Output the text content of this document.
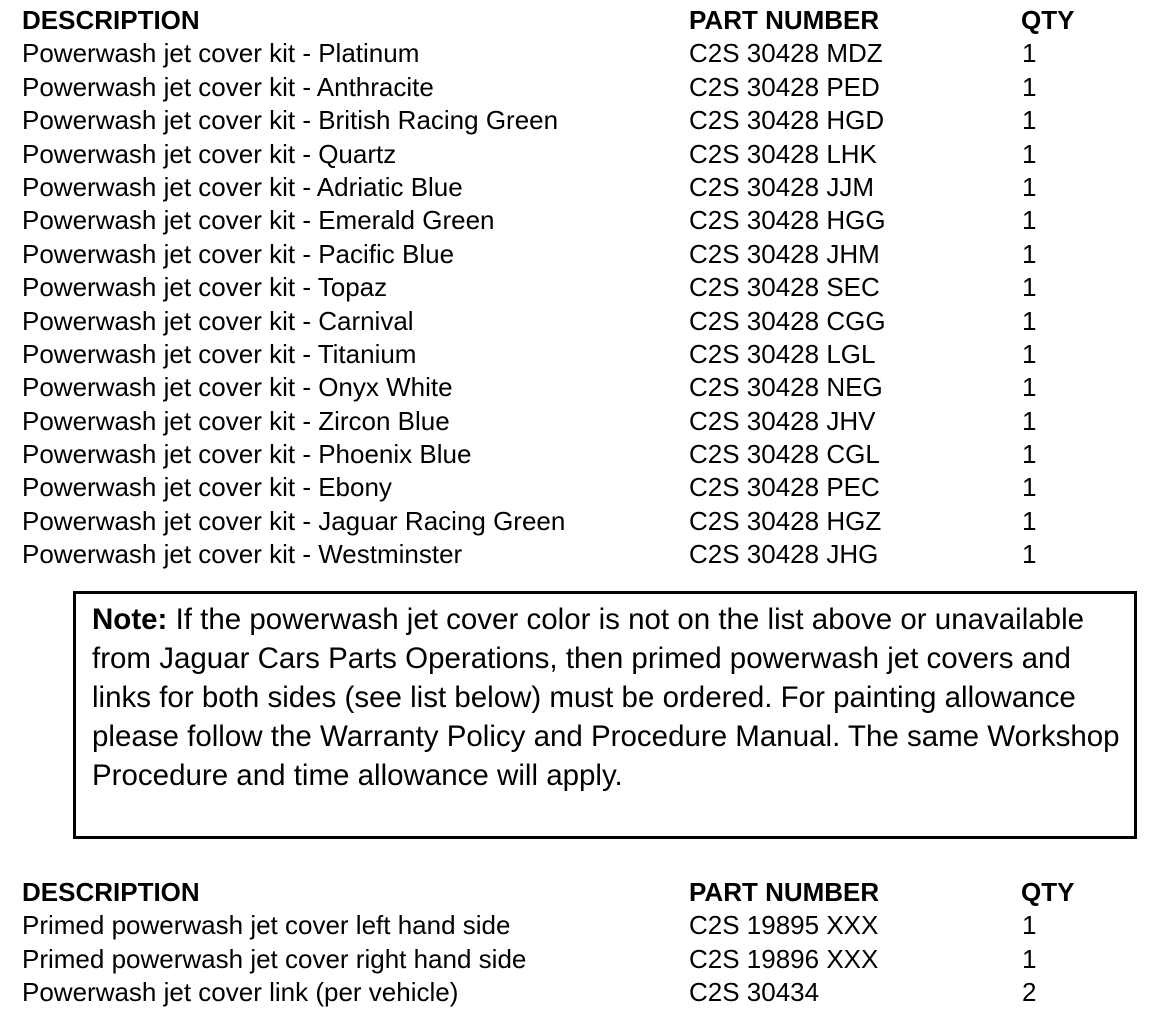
DESCRIPTION	PART NUMBER	QTY
Powerwash jet cover kit - Platinum	C2S 30428 MDZ	1
Powerwash jet cover kit - Anthracite	C2S 30428 PED	1
Powerwash jet cover kit - British Racing Green	C2S 30428 HGD	1
Powerwash jet cover kit - Quartz	C2S 30428 LHK	1
Powerwash jet cover kit - Adriatic Blue	C2S 30428 JJM	1
Powerwash jet cover kit - Emerald Green	C2S 30428 HGG	1
Powerwash jet cover kit - Pacific Blue	C2S 30428 JHM	1
Powerwash jet cover kit - Topaz	C2S 30428 SEC	1
Powerwash jet cover kit - Carnival	C2S 30428 CGG	1
Powerwash jet cover kit - Titanium	C2S 30428 LGL	1
Powerwash jet cover kit - Onyx White	C2S 30428 NEG	1
Powerwash jet cover kit - Zircon Blue	C2S 30428 JHV	1
Powerwash jet cover kit - Phoenix Blue	C2S 30428 CGL	1
Powerwash jet cover kit - Ebony	C2S 30428 PEC	1
Powerwash jet cover kit - Jaguar Racing Green	C2S 30428 HGZ	1
Powerwash jet cover kit - Westminster	C2S 30428 JHG	1
Note: If the powerwash jet cover color is not on the list above or unavailable from Jaguar Cars Parts Operations, then primed powerwash jet covers and links for both sides (see list below) must be ordered. For painting allowance please follow the Warranty Policy and Procedure Manual. The same Workshop Procedure and time allowance will apply.
DESCRIPTION	PART NUMBER	QTY
Primed powerwash jet cover left hand side	C2S 19895 XXX	1
Primed powerwash jet cover right hand side	C2S 19896 XXX	1
Powerwash jet cover link (per vehicle)	C2S 30434	2
